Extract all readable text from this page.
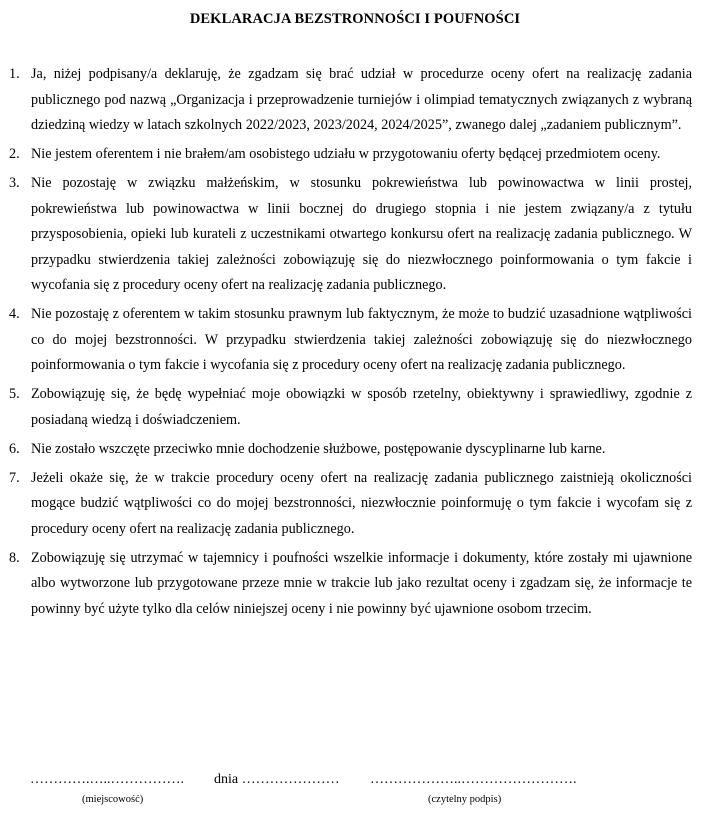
DEKLARACJA BEZSTRONNOŚCI I POUFNOŚCI
1. Ja, niżej podpisany/a deklaruję, że zgadzam się brać udział w procedurze oceny ofert na realizację zadania publicznego pod nazwą „Organizacja i przeprowadzenie turniejów i olimpiad tematycznych związanych z wybraną dziedziną wiedzy w latach szkolnych 2022/2023, 2023/2024, 2024/2025”, zwanego dalej „zadaniem publicznym”.
2. Nie jestem oferentem i nie brałem/am osobistego udziału w przygotowaniu oferty będącej przedmiotem oceny.
3. Nie pozostaję w związku małżeńskim, w stosunku pokrewieństwa lub powinowactwa w linii prostej, pokrewieństwa lub powinowactwa w linii bocznej do drugiego stopnia i nie jestem związany/a z tytułu przysposobienia, opieki lub kurateli z uczestnikami otwartego konkursu ofert na realizację zadania publicznego. W przypadku stwierdzenia takiej zależności zobowiązuję się do niezwłocznego poinformowania o tym fakcie i wycofania się z procedury oceny ofert na realizację zadania publicznego.
4. Nie pozostaję z oferentem w takim stosunku prawnym lub faktycznym, że może to budzić uzasadnione wątpliwości co do mojej bezstronności. W przypadku stwierdzenia takiej zależności zobowiązuję się do niezwłocznego poinformowania o tym fakcie i wycofania się z procedury oceny ofert na realizację zadania publicznego.
5. Zobowiązuję się, że będę wypełniać moje obowiązki w sposób rzetelny, obiektywny i sprawiedliwy, zgodnie z posiadaną wiedzą i doświadczeniem.
6. Nie zostało wszczęte przeciwko mnie dochodzenie służbowe, postępowanie dyscyplinarne lub karne.
7. Jeżeli okaże się, że w trakcie procedury oceny ofert na realizację zadania publicznego zaistnieją okoliczności mogące budzić wątpliwości co do mojej bezstronności, niezwłocznie poinformuję o tym fakcie i wycofam się z procedury oceny ofert na realizację zadania publicznego.
8. Zobowiązuję się utrzymać w tajemnicy i poufności wszelkie informacje i dokumenty, które zostały mi ujawnione albo wytworzone lub przygotowane przeze mnie w trakcie lub jako rezultat oceny i zgadzam się, że informacje te powinny być użyte tylko dla celów niniejszej oceny i nie powinny być ujawnione osobom trzecim.
………….…..……………. dnia ………………… ………………..…………………….
(miejscowość)	(czytelny podpis)
